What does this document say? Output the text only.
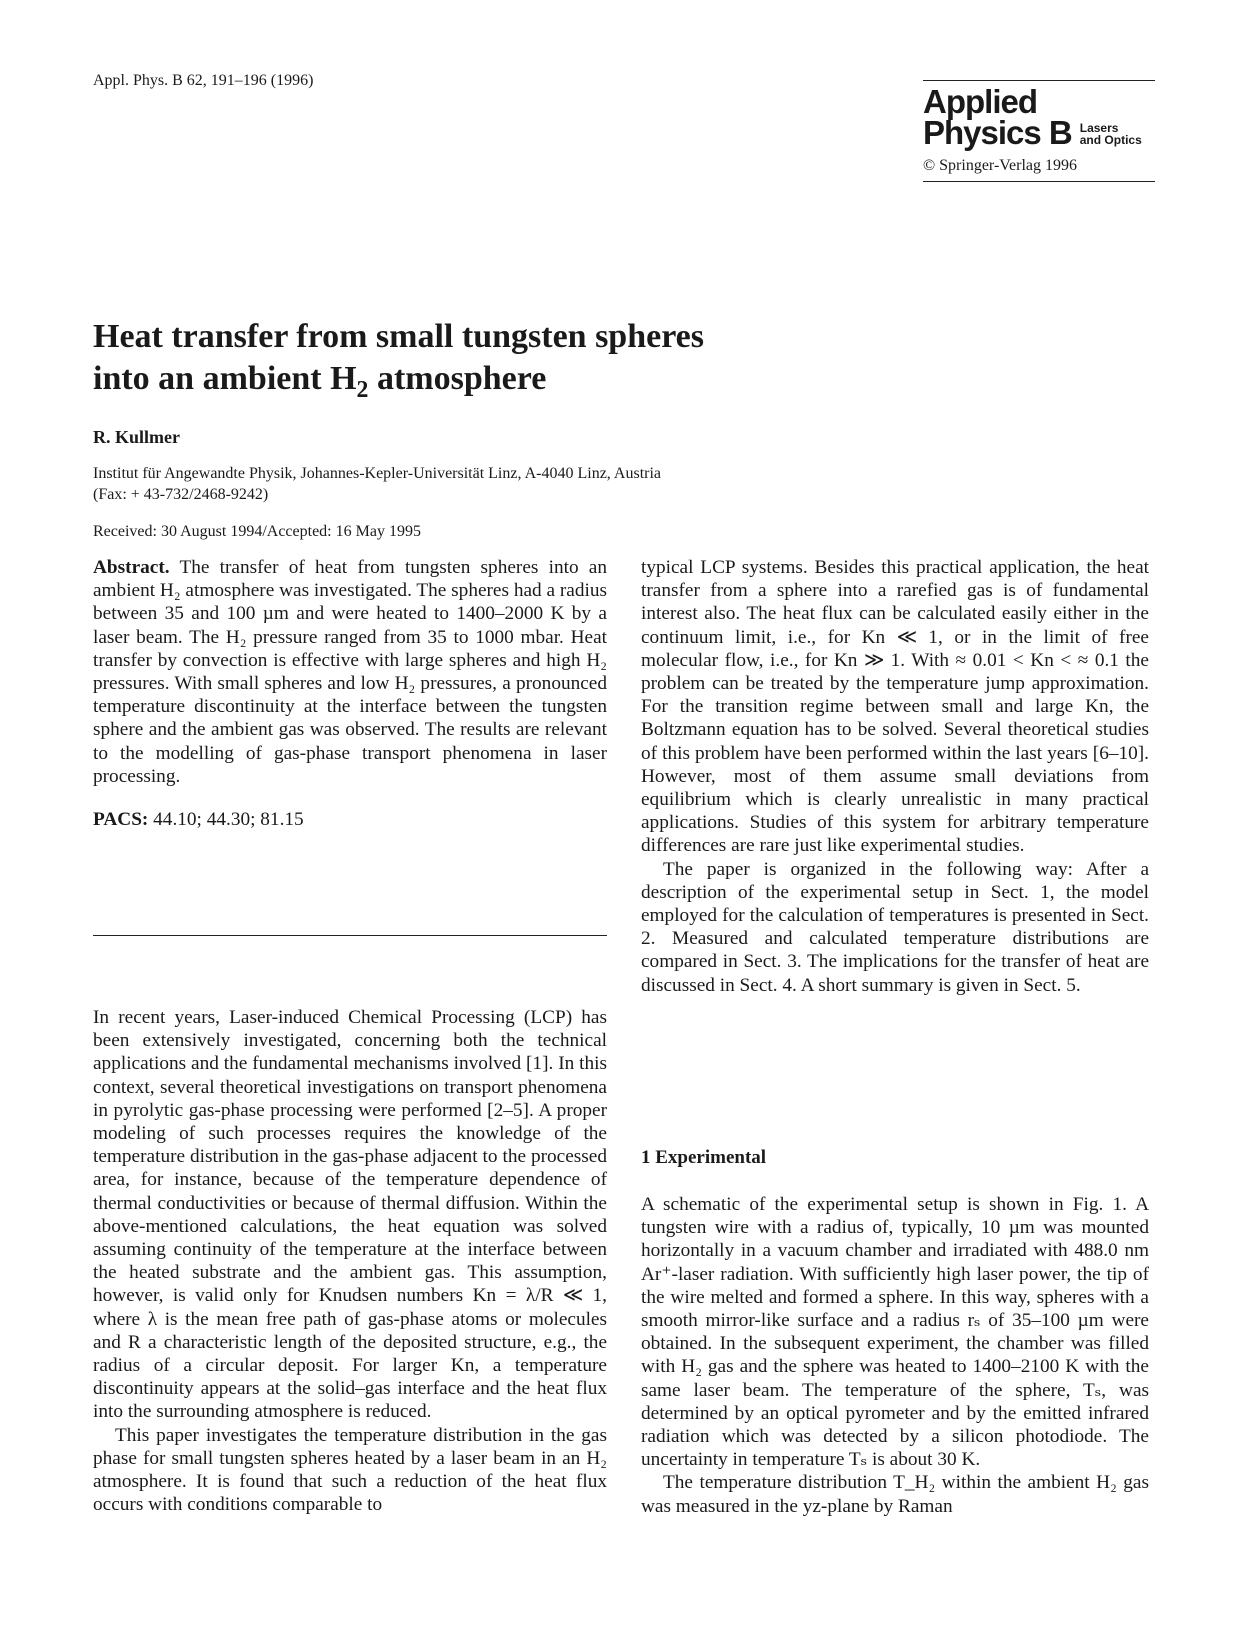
Appl. Phys. B 62, 191–196 (1996)
Applied
Physics B Lasers
and Optics
© Springer-Verlag 1996
Heat transfer from small tungsten spheres
into an ambient $H_2$ atmosphere
R. Kullmer
Institut für Angewandte Physik, Johannes-Kepler-Universität Linz, A-4040 Linz, Austria
(Fax: + 43-732/2468-9242)
Received: 30 August 1994/Accepted: 16 May 1995

Abstract. The transfer of heat from tungsten spheres into an ambient H₂ atmosphere was investigated. The spheres had a radius between 35 and 100 µm and were heated to 1400–2000 K by a laser beam. The H₂ pressure ranged from 35 to 1000 mbar. Heat transfer by convection is effective with large spheres and high H₂ pressures. With small spheres and low H₂ pressures, a pronounced temperature discontinuity at the interface between the tungsten sphere and the ambient gas was observed. The results are relevant to the modelling of gas-phase transport phenomena in laser processing.

PACS: 44.10; 44.30; 81.15

In recent years, Laser-induced Chemical Processing (LCP) has been extensively investigated, concerning both the technical applications and the fundamental mechanisms involved [1]. In this context, several theoretical investigations on transport phenomena in pyrolytic gas-phase processing were performed [2–5]. A proper modeling of such processes requires the knowledge of the temperature distribution in the gas-phase adjacent to the processed area, for instance, because of the temperature dependence of thermal conductivities or because of thermal diffusion. Within the above-mentioned calculations, the heat equation was solved assuming continuity of the temperature at the interface between the heated substrate and the ambient gas. This assumption, however, is valid only for Knudsen numbers Kn = λ/R ≪ 1, where λ is the mean free path of gas-phase atoms or molecules and R a characteristic length of the deposited structure, e.g., the radius of a circular deposit. For larger Kn, a temperature discontinuity appears at the solid–gas interface and the heat flux into the surrounding atmosphere is reduced.

This paper investigates the temperature distribution in the gas phase for small tungsten spheres heated by a laser beam in an H₂ atmosphere. It is found that such a reduction of the heat flux occurs with conditions comparable to

typical LCP systems. Besides this practical application, the heat transfer from a sphere into a rarefied gas is of fundamental interest also. The heat flux can be calculated easily either in the continuum limit, i.e., for Kn ≪ 1, or in the limit of free molecular flow, i.e., for Kn ≫ 1. With ≈ 0.01 < Kn < ≈ 0.1 the problem can be treated by the temperature jump approximation. For the transition regime between small and large Kn, the Boltzmann equation has to be solved. Several theoretical studies of this problem have been performed within the last years [6–10]. However, most of them assume small deviations from equilibrium which is clearly unrealistic in many practical applications. Studies of this system for arbitrary temperature differences are rare just like experimental studies.

The paper is organized in the following way: After a description of the experimental setup in Sect. 1, the model employed for the calculation of temperatures is presented in Sect. 2. Measured and calculated temperature distributions are compared in Sect. 3. The implications for the transfer of heat are discussed in Sect. 4. A short summary is given in Sect. 5.

1 Experimental

A schematic of the experimental setup is shown in Fig. 1. A tungsten wire with a radius of, typically, 10 µm was mounted horizontally in a vacuum chamber and irradiated with 488.0 nm Ar⁺-laser radiation. With sufficiently high laser power, the tip of the wire melted and formed a sphere. In this way, spheres with a smooth mirror-like surface and a radius rₛ of 35–100 µm were obtained. In the subsequent experiment, the chamber was filled with H₂ gas and the sphere was heated to 1400–2100 K with the same laser beam. The temperature of the sphere, Tₛ, was determined by an optical pyrometer and by the emitted infrared radiation which was detected by a silicon photodiode. The uncertainty in temperature Tₛ is about 30 K.

The temperature distribution T_H₂ within the ambient H₂ gas was measured in the yz-plane by Raman
